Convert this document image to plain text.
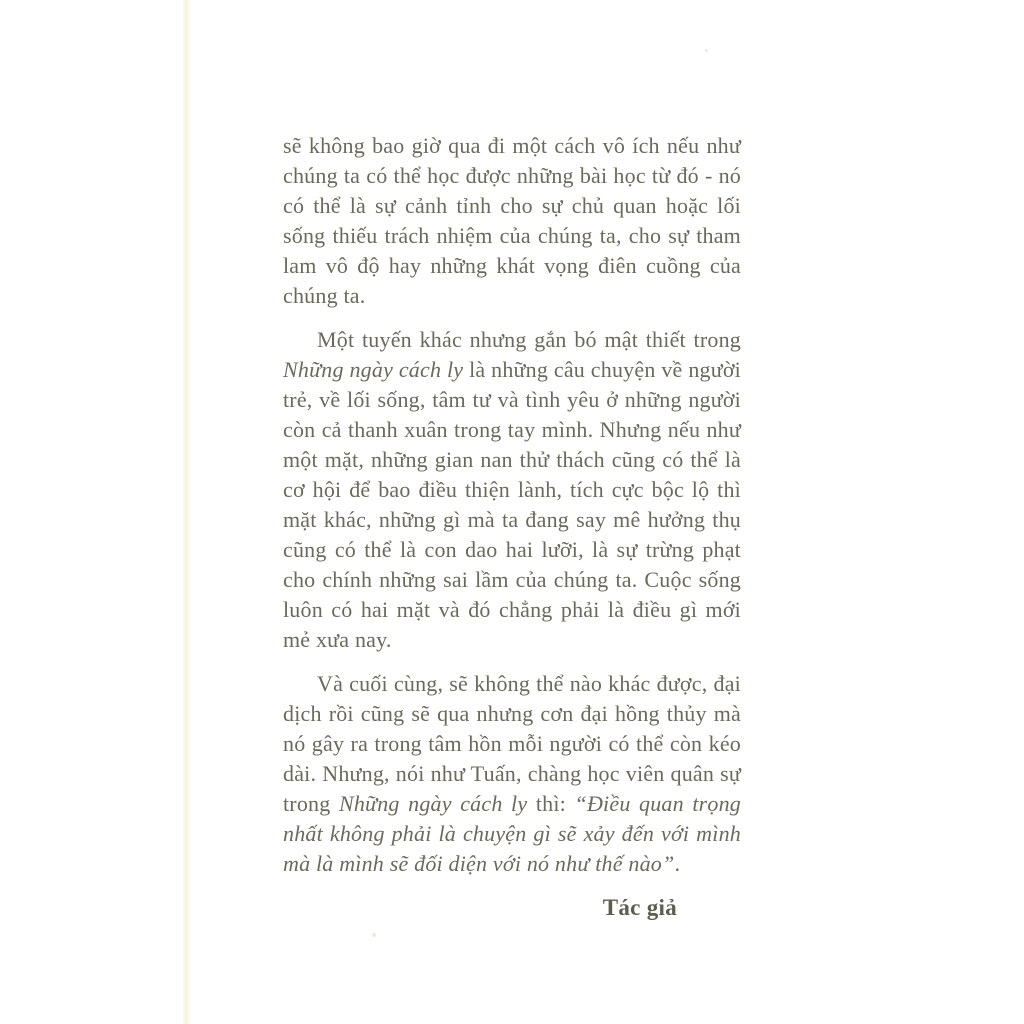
sẽ không bao giờ qua đi một cách vô ích nếu như chúng ta có thể học được những bài học từ đó - nó có thể là sự cảnh tỉnh cho sự chủ quan hoặc lối sống thiếu trách nhiệm của chúng ta, cho sự tham lam vô độ hay những khát vọng điên cuồng của chúng ta.

Một tuyến khác nhưng gắn bó mật thiết trong Những ngày cách ly là những câu chuyện về người trẻ, về lối sống, tâm tư và tình yêu ở những người còn cả thanh xuân trong tay mình. Nhưng nếu như một mặt, những gian nan thử thách cũng có thể là cơ hội để bao điều thiện lành, tích cực bộc lộ thì mặt khác, những gì mà ta đang say mê hưởng thụ cũng có thể là con dao hai lưỡi, là sự trừng phạt cho chính những sai lầm của chúng ta. Cuộc sống luôn có hai mặt và đó chẳng phải là điều gì mới mẻ xưa nay.

Và cuối cùng, sẽ không thể nào khác được, đại dịch rồi cũng sẽ qua nhưng cơn đại hồng thủy mà nó gây ra trong tâm hồn mỗi người có thể còn kéo dài. Nhưng, nói như Tuấn, chàng học viên quân sự trong Những ngày cách ly thì: “Điều quan trọng nhất không phải là chuyện gì sẽ xảy đến với mình mà là mình sẽ đối diện với nó như thế nào”.

Tác giả
